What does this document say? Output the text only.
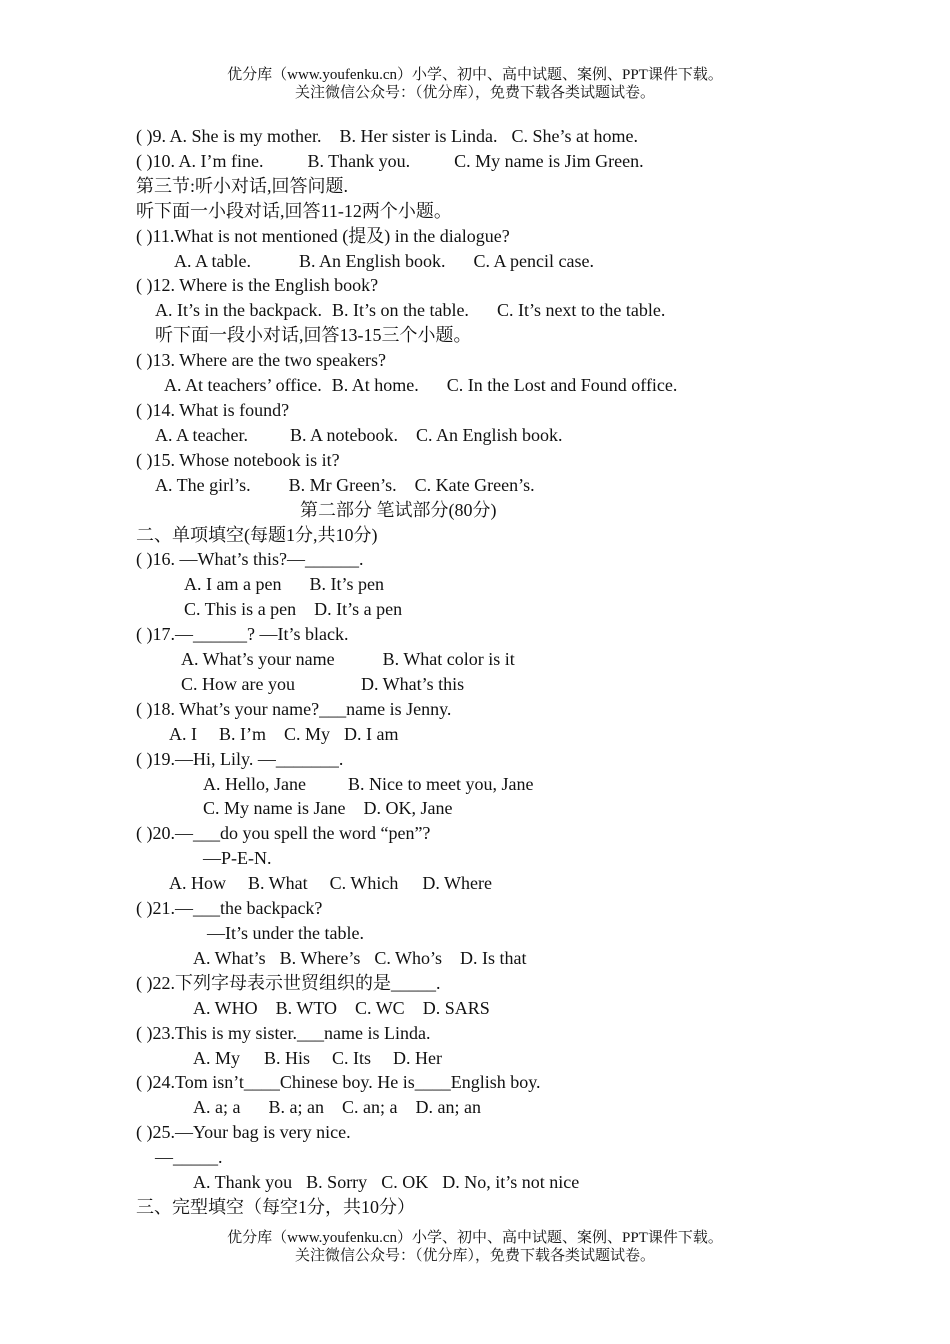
优分库（www.youfenku.cn）小学、初中、高中试题、案例、PPT课件下载。
关注微信公众号：（优分库），免费下载各类试题试卷。
( )9. A. She is my mother. B. Her sister is Linda. C. She’s at home.
( )10. A. I’m fine. B. Thank you. C. My name is Jim Green.
第三节:听小对话,回答问题.
听下面一小段对话,回答11-12两个小题。
( )11.What is not mentioned (提及) in the dialogue?
A. A table.	B. An English book. C. A pencil case.
( )12. Where is the English book?
A. It’s in the backpack. B. It’s on the table. C. It’s next to the table.
听下面一段小对话,回答13-15三个小题。
( )13. Where are the two speakers?
A. At teachers’ office. B. At home. C. In the Lost and Found office.
( )14. What is found?
A. A teacher. B. A notebook. C. An English book.
( )15. Whose notebook is it?
A. The girl’s. B. Mr Green’s. C. Kate Green’s.
第二部分 笔试部分(80分)
二、单项填空(每题1分,共10分)
( )16. —What’s this?—______.
A. I am a pen B. It’s pen
C. This is a pen D. It’s a pen
( )17.—______? —It’s black.
A. What’s your name	B. What color is it
C. How are you	D. What’s this
( )18. What’s your name?___name is Jenny.
A. I B. I’m C. My D. I am
( )19.—Hi, Lily. —_______.
A. Hello, Jane B. Nice to meet you, Jane
C. My name is Jane D. OK, Jane
( )20.—___do you spell the word “pen”?
—P-E-N.
A. How B. What C. Which D. Where
( )21.—___the backpack?
—It’s under the table.
A. What’s B. Where’s C. Who’s D. Is that
( )22.下列字母表示世贸组织的是_____.
A. WHO B. WTO C. WC D. SARS
( )23.This is my sister.___name is Linda.
A. My B. His C. Its D. Her
( )24.Tom isn’t____Chinese boy. He is____English boy.
A. a; a B. a; an C. an; a D. an; an
( )25.—Your bag is very nice.
—_____.
A. Thank you B. Sorry C. OK D. No, it’s not nice
三、完型填空（每空1分，共10分）
优分库（www.youfenku.cn）小学、初中、高中试题、案例、PPT课件下载。
关注微信公众号：（优分库），免费下载各类试题试卷。
